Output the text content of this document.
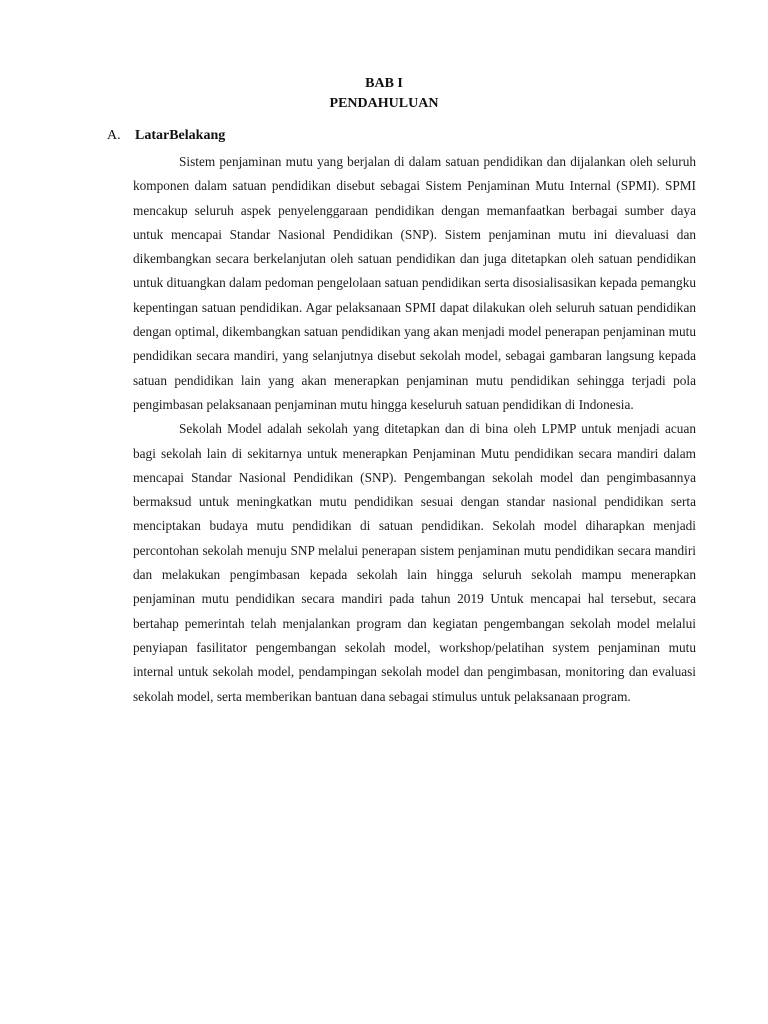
BAB I
PENDAHULUAN
A. LatarBelakang

Sistem penjaminan mutu yang berjalan di dalam satuan pendidikan dan dijalankan oleh seluruh komponen dalam satuan pendidikan disebut sebagai Sistem Penjaminan Mutu Internal (SPMI). SPMI mencakup seluruh aspek penyelenggaraan pendidikan dengan memanfaatkan berbagai sumber daya untuk mencapai Standar Nasional Pendidikan (SNP). Sistem penjaminan mutu ini dievaluasi dan dikembangkan secara berkelanjutan oleh satuan pendidikan dan juga ditetapkan oleh satuan pendidikan untuk dituangkan dalam pedoman pengelolaan satuan pendidikan serta disosialisasikan kepada pemangku kepentingan satuan pendidikan. Agar pelaksanaan SPMI dapat dilakukan oleh seluruh satuan pendidikan dengan optimal, dikembangkan satuan pendidikan yang akan menjadi model penerapan penjaminan mutu pendidikan secara mandiri, yang selanjutnya disebut sekolah model, sebagai gambaran langsung kepada satuan pendidikan lain yang akan menerapkan penjaminan mutu pendidikan sehingga terjadi pola pengimbasan pelaksanaan penjaminan mutu hingga keseluruh satuan pendidikan di Indonesia.

Sekolah Model adalah sekolah yang ditetapkan dan di bina oleh LPMP untuk menjadi acuan bagi sekolah lain di sekitarnya untuk menerapkan Penjaminan Mutu pendidikan secara mandiri dalam mencapai Standar Nasional Pendidikan (SNP). Pengembangan sekolah model dan pengimbasannya bermaksud untuk meningkatkan mutu pendidikan sesuai dengan standar nasional pendidikan serta menciptakan budaya mutu pendidikan di satuan pendidikan. Sekolah model diharapkan menjadi percontohan sekolah menuju SNP melalui penerapan sistem penjaminan mutu pendidikan secara mandiri dan melakukan pengimbasan kepada sekolah lain hingga seluruh sekolah mampu menerapkan penjaminan mutu pendidikan secara mandiri pada tahun 2019 Untuk mencapai hal tersebut, secara bertahap pemerintah telah menjalankan program dan kegiatan pengembangan sekolah model melalui penyiapan fasilitator pengembangan sekolah model, workshop/pelatihan system penjaminan mutu internal untuk sekolah model, pendampingan sekolah model dan pengimbasan, monitoring dan evaluasi sekolah model, serta memberikan bantuan dana sebagai stimulus untuk pelaksanaan program.
